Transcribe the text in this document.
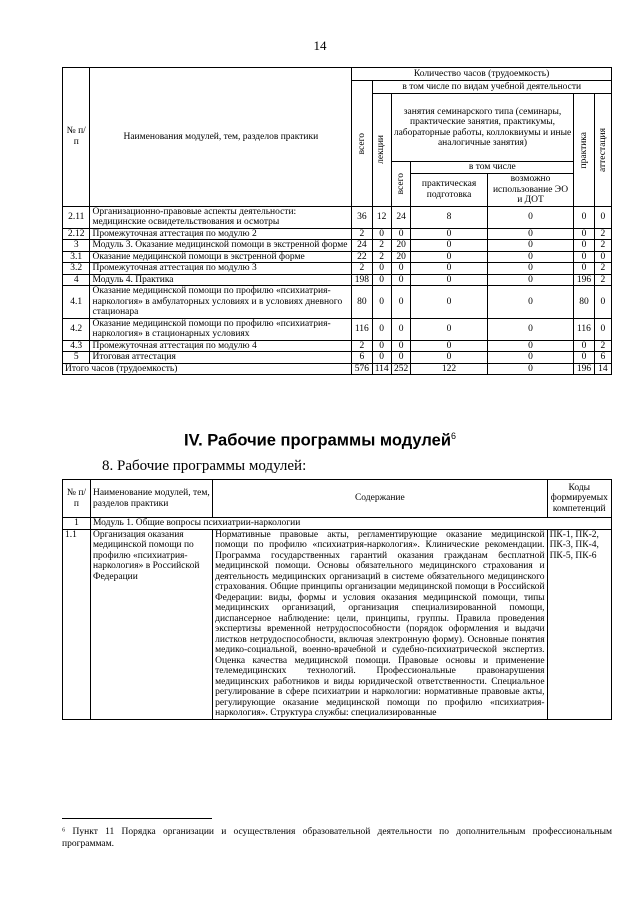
14
№ п/п	Наименования модулей, тем, разделов практики	Количество часов (трудоемкость)						

		всего	в том числе по видам учебной деятельности					

			лекции	занятия семинарского типа (семинары, практические занятия, практикумы, лабораторные работы, коллоквиумы и иные аналогичные занятия)			практика	аттестация

				всего	в том числе			
					практическая подготовка	возможно использование ЭО и ДОТ		
2.11	Организационно-правовые аспекты деятельности: медицинские освидетельствования и осмотры	36	12	24	8	0	0	0
2.12	Промежуточная аттестация по модулю 2	2	0	0	0	0	0	2
3	Модуль 3. Оказание медицинской помощи в экстренной форме	24	2	20	0	0	0	2
3.1	Оказание медицинской помощи в экстренной форме	22	2	20	0	0	0	0
3.2	Промежуточная аттестация по модулю 3	2	0	0	0	0	0	2
4	Модуль 4. Практика	198	0	0	0	0	196	2
4.1	Оказание медицинской помощи по профилю «психиатрия-наркология» в амбулаторных условиях и в условиях дневного стационара	80	0	0	0	0	80	0
4.2	Оказание медицинской помощи по профилю «психиатрия-наркология» в стационарных условиях	116	0	0	0	0	116	0
4.3	Промежуточная аттестация по модулю 4	2	0	0	0	0	0	2
5	Итоговая аттестация	6	0	0	0	0	0	6
Итого часов (трудоемкость)		576	114	252	122	0	196	14
IV. Рабочие программы модулей$^6$
8. Рабочие программы модулей:
№ п/п	Наименование модулей, тем, разделов практики	Содержание	Коды формируемых компетенций
1	Модуль 1. Общие вопросы психиатрии-наркологии		
1.1	Организация оказания медицинской помощи по профилю «психиатрия-наркология» в Российской Федерации	Нормативные правовые акты, регламентирующие оказание медицинской помощи по профилю «психиатрия-наркология». Клинические рекомендации. Программа государственных гарантий оказания гражданам бесплатной медицинской помощи. Основы обязательного медицинского страхования и деятельность медицинских организаций в системе обязательного медицинского страхования. Общие принципы организации медицинской помощи в Российской Федерации: виды, формы и условия оказания медицинской помощи, типы медицинских организаций, организация специализированной помощи, диспансерное наблюдение: цели, принципы, группы. Правила проведения экспертизы временной нетрудоспособности (порядок оформления и выдачи листков нетрудоспособности, включая электронную форму). Основные понятия медико-социальной, военно-врачебной и судебно-психиатрической экспертиз. Оценка качества медицинской помощи. Правовые основы и применение телемедицинских технологий. Профессиональные правонарушения медицинских работников и виды юридической ответственности. Специальное регулирование в сфере психиатрии и наркологии: нормативные правовые акты, регулирующие оказание медицинской помощи по профилю «психиатрия-наркология». Структура службы: специализированные	ПК-1, ПК-2, ПК-3, ПК-4, ПК-5, ПК-6
⁶ Пункт 11 Порядка организации и осуществления образовательной деятельности по дополнительным профессиональным программам.
